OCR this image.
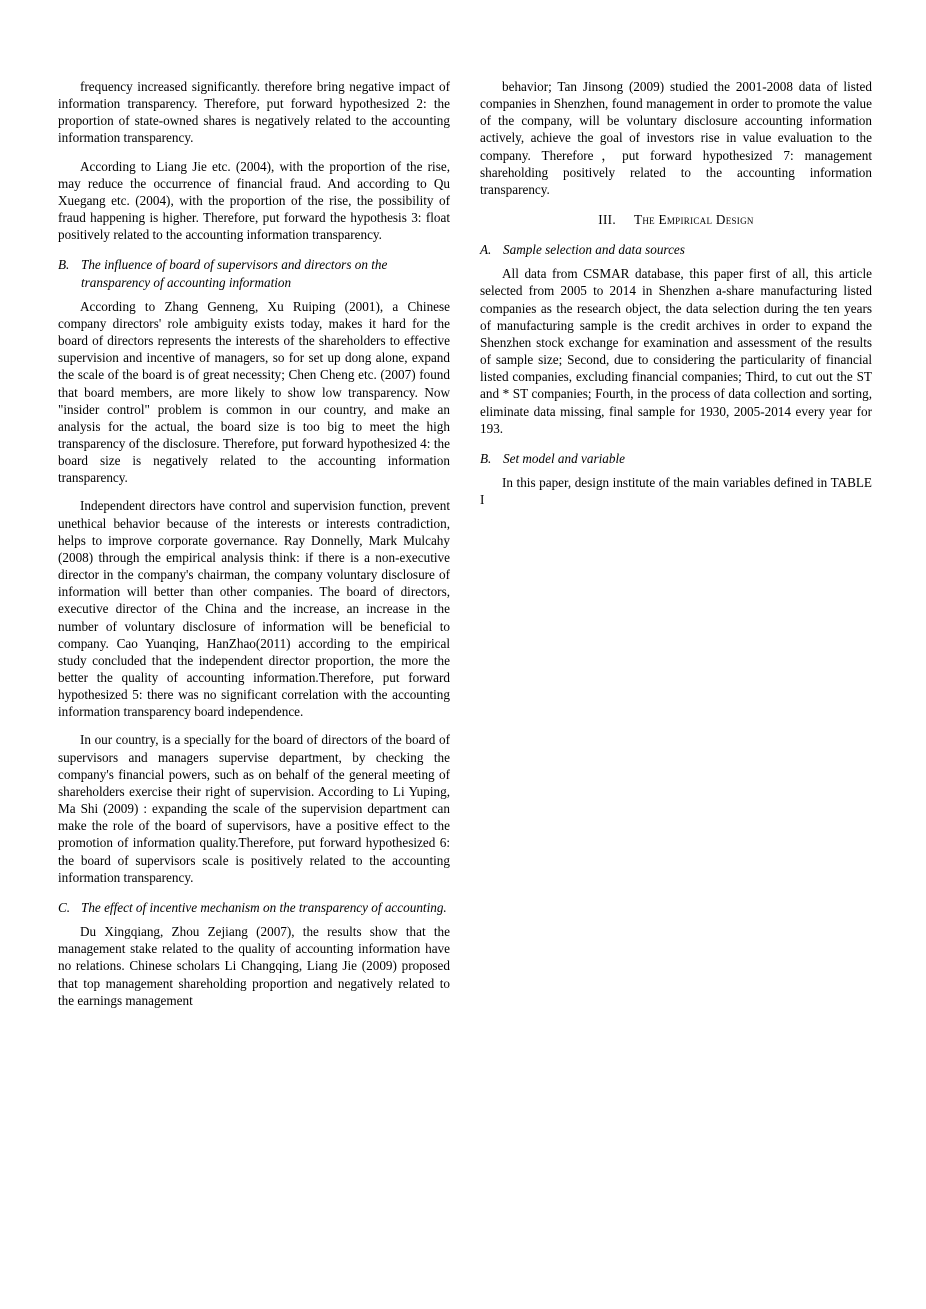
frequency increased significantly. therefore bring negative impact of information transparency. Therefore, put forward hypothesized 2: the proportion of state-owned shares is negatively related to the accounting information transparency.

According to Liang Jie etc. (2004), with the proportion of the rise, may reduce the occurrence of financial fraud. And according to Qu Xuegang etc. (2004), with the proportion of the rise, the possibility of fraud happening is higher. Therefore, put forward the hypothesis 3: float positively related to the accounting information transparency.

B. The influence of board of supervisors and directors on the transparency of accounting information

According to Zhang Genneng, Xu Ruiping (2001), a Chinese company directors' role ambiguity exists today, makes it hard for the board of directors represents the interests of the shareholders to effective supervision and incentive of managers, so for set up dong alone, expand the scale of the board is of great necessity; Chen Cheng etc. (2007) found that board members, are more likely to show low transparency. Now "insider control" problem is common in our country, and make an analysis for the actual, the board size is too big to meet the high transparency of the disclosure. Therefore, put forward hypothesized 4: the board size is negatively related to the accounting information transparency.

Independent directors have control and supervision function, prevent unethical behavior because of the interests or interests contradiction, helps to improve corporate governance. Ray Donnelly, Mark Mulcahy (2008) through the empirical analysis think: if there is a non-executive director in the company's chairman, the company voluntary disclosure of information will better than other companies. The board of directors, executive director of the China and the increase, an increase in the number of voluntary disclosure of information will be beneficial to company. Cao Yuanqing, HanZhao(2011) according to the empirical study concluded that the independent director proportion, the more the better the quality of accounting information.Therefore, put forward hypothesized 5: there was no significant correlation with the accounting information transparency board independence.

In our country, is a specially for the board of directors of the board of supervisors and managers supervise department, by checking the company's financial powers, such as on behalf of the general meeting of shareholders exercise their right of supervision. According to Li Yuping, Ma Shi (2009) : expanding the scale of the supervision department can make the role of the board of supervisors, have a positive effect to the promotion of information quality.Therefore, put forward hypothesized 6: the board of supervisors scale is positively related to the accounting information transparency.

C. The effect of incentive mechanism on the transparency of accounting.

Du Xingqiang, Zhou Zejiang (2007), the results show that the management stake related to the quality of accounting information have no relations. Chinese scholars Li Changqing, Liang Jie (2009) proposed that top management shareholding proportion and negatively related to the earnings management

behavior; Tan Jinsong (2009) studied the 2001-2008 data of listed companies in Shenzhen, found management in order to promote the value of the company, will be voluntary disclosure accounting information actively, achieve the goal of investors rise in value evaluation to the company. Therefore，put forward hypothesized 7: management shareholding positively related to the accounting information transparency.

III. The Empirical Design
A. Sample selection and data sources

All data from CSMAR database, this paper first of all, this article selected from 2005 to 2014 in Shenzhen a-share manufacturing listed companies as the research object, the data selection during the ten years of manufacturing sample is the credit archives in order to expand the Shenzhen stock exchange for examination and assessment of the results of sample size; Second, due to considering the particularity of financial listed companies, excluding financial companies; Third, to cut out the ST and * ST companies; Fourth, in the process of data collection and sorting, eliminate data missing, final sample for 1930, 2005-2014 every year for 193.

B. Set model and variable

In this paper, design institute of the main variables defined in TABLE I
